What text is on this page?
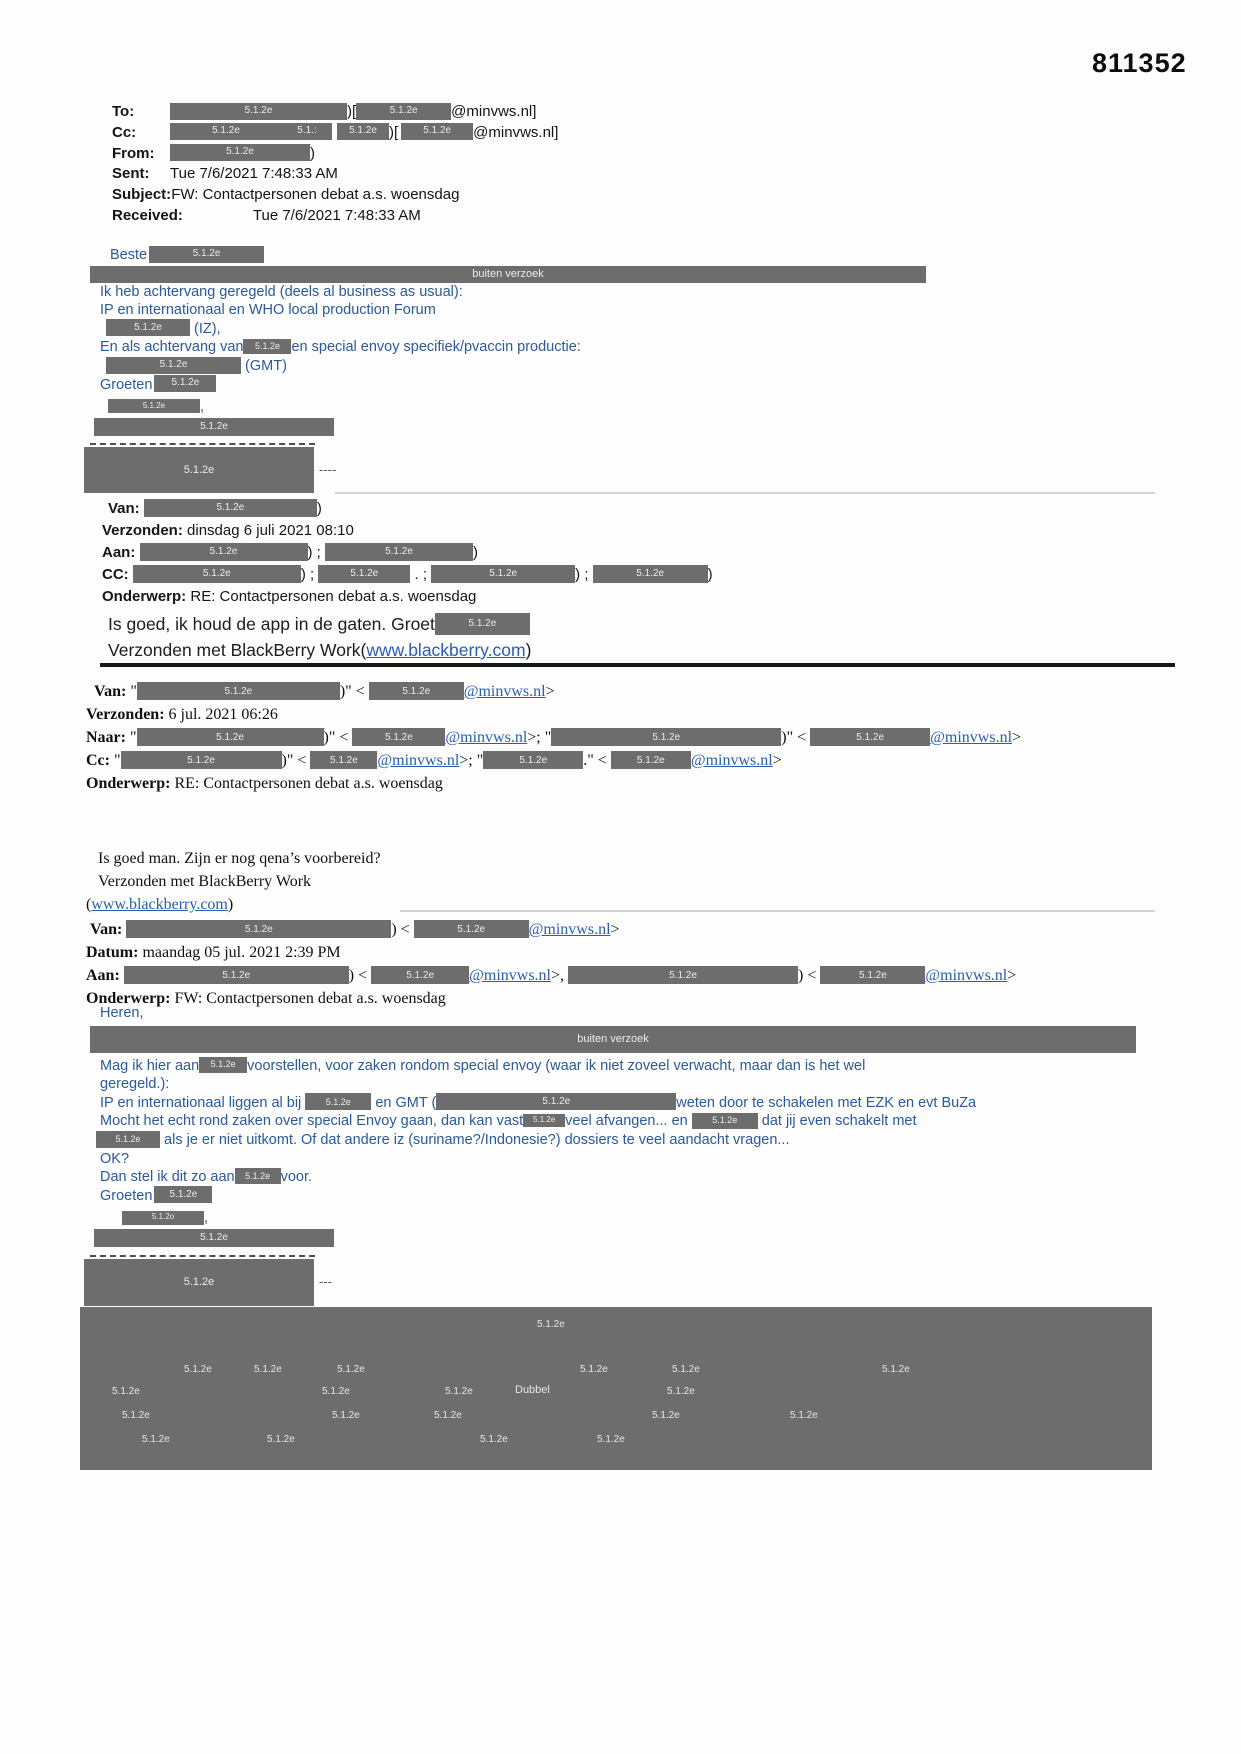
811352
To:	5.1.2e	)[	5.1.2e @minvws.nl]
Cc:	5.1.2e	5.1.:	5.1.2e )[	5.1.2e @minvws.nl]
From:	5.1.2e	)
Sent: Tue 7/6/2021 7:48:33 AM
Subject:FW: Contactpersonen debat a.s. woensdag
Received:	Tue 7/6/2021 7:48:33 AM
Beste	5.1.2e
buiten verzoek
Ik heb achtervang geregeld (deels al business as usual):
IP en internationaal en WHO local production Forum
5.1.2e (IZ),
En als achtervang van 5.1.2e en special envoy specifiek/pvaccin productie:
5.1.2e	(GMT)
Groeten 5.1.2e
5.1.2e ,
5.1.2e
5.1.2e	----
Van:	5.1.2e	)
Verzonden: dinsdag 6 juli 2021 08:10
Aan:	5.1.2e	) ;	5.1.2e	)
CC:	5.1.2e	) ;	5.1.2e . ;	5.1.2e	) ;	5.1.2e	)
Onderwerp: RE: Contactpersonen debat a.s. woensdag
Is goed, ik houd de app in de gaten. Groet	5.1.2e
Verzonden met BlackBerry Work(www.blackberry.com)
Van: "	5.1.2e	)" <	5.1.2e @minvws.nl>
Verzonden: 6 jul. 2021 06:26
Naar: "	5.1.2e	)" <	5.1.2e @minvws.nl>; "	5.1.2e	)" <	5.1.2e	@minvws.nl>
Cc: "	5.1.2e	)" < 5.1.2e @minvws.nl>; "	5.1.2e ." <	5.1.2e @minvws.nl>
Onderwerp: RE: Contactpersonen debat a.s. woensdag
Is goed man. Zijn er nog qena’s voorbereid?
Verzonden met BlackBerry Work
(www.blackberry.com)
Van:	5.1.2e	) <	5.1.2e	@minvws.nl>
Datum: maandag 05 jul. 2021 2:39 PM
Aan:	5.1.2e	) <	5.1.2e @minvws.nl>,	5.1.2e	) <	5.1.2e @minvws.nl>
Onderwerp: FW: Contactpersonen debat a.s. woensdag
Heren,
buiten verzoek
Mag ik hier aan 5.1.2e voorstellen, voor zaken rondom special envoy (waar ik niet zoveel verwacht, maar dan is het wel
geregeld.):
IP en internationaal liggen al bij 5.1.2e en GMT (	5.1.2e	weten door te schakelen met EZK en evt BuZa
Mocht het echt rond zaken over special Envoy gaan, dan kan vast 5.1.2e veel afvangen... en 5.1.2e dat jij even schakelt met
5.1.2e als je er niet uitkomt. Of dat andere iz (suriname?/Indonesie?) dossiers te veel aandacht vragen...
OK?
Dan stel ik dit zo aan 5.1.2e voor.
Groeten 5.1.2e
5.1.2o ,
5.1.2e
5.1.2e	---
5.1.2e
5.1.2e	5.1.2e	5.1.2e	5.1.2e	5.1.2e	5.1.2e
5.1.2e	5.1.2e	5.1.2e	Dubbel	5.1.2e
5.1.2e	5.1.2e	5.1.2e	5.1.2e	5.1.2e
5.1.2e	5.1.2e	5.1.2e	5.1.2e
